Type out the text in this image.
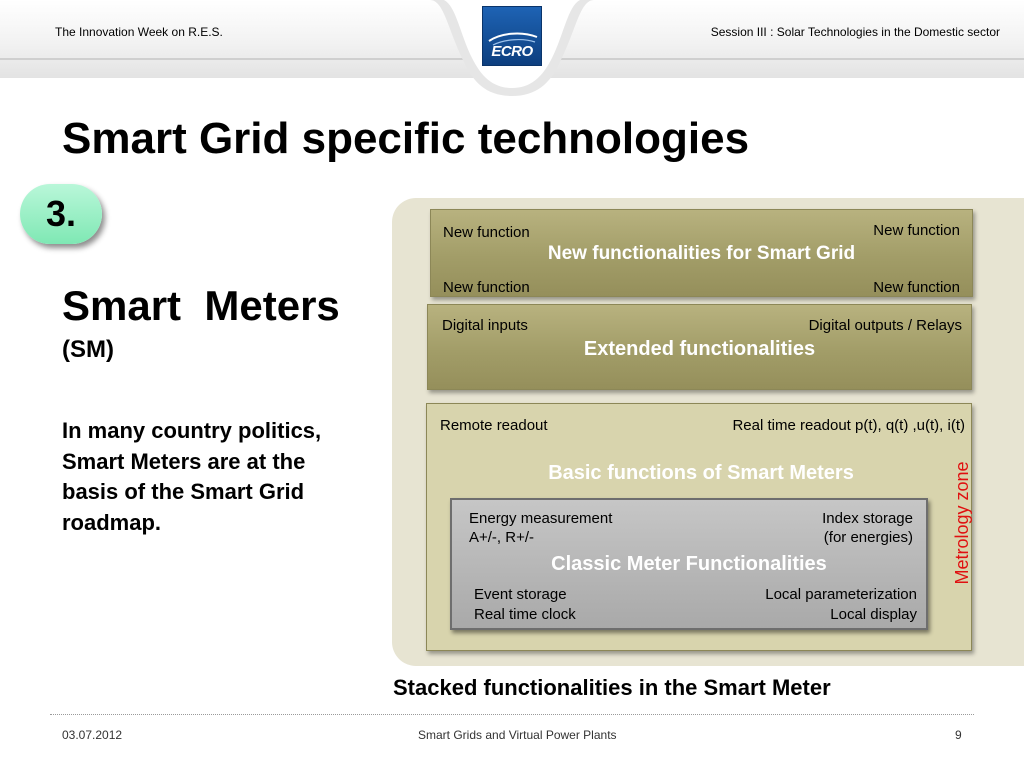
ECRO
The Innovation Week on R.E.S.	Session III : Solar Technologies in the Domestic sector
Smart Grid specific technologies
3.
Smart  Meters
(SM)
In many country politics,
Smart Meters are at the
basis of the Smart Grid
roadmap.
New function	New function
New functionalities for Smart Grid
New function	New function
Digital inputs	Digital outputs / Relays
Extended functionalities
Remote readout	Real time readout p(t), q(t) ,u(t), i(t)
Basic functions of Smart Meters
Energy measurement
A+/-, R+/-
Index storage
(for energies)
Classic Meter Functionalities
Event storage
Real time clock
Local parameterization
Local display
Metrology zone
Stacked functionalities in the Smart Meter
03.07.2012	Smart Grids and Virtual Power Plants	9
